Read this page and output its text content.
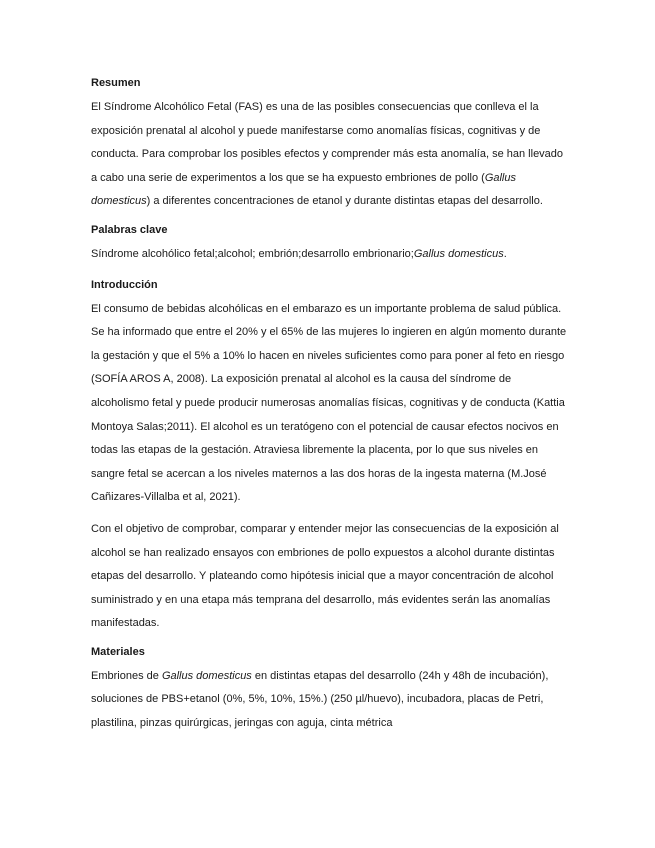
Resumen

El Síndrome Alcohólico Fetal (FAS) es una de las posibles consecuencias que conlleva el la exposición prenatal al alcohol y puede manifestarse como anomalías físicas, cognitivas y de conducta. Para comprobar los posibles efectos y comprender más esta anomalía, se han llevado a cabo una serie de experimentos a los que se ha expuesto embriones de pollo (Gallus domesticus) a diferentes concentraciones de etanol y durante distintas etapas del desarrollo.

Palabras clave

Síndrome alcohólico fetal;alcohol; embrión;desarrollo embrionario;Gallus domesticus.

Introducción

El consumo de bebidas alcohólicas en el embarazo es un importante problema de salud pública. Se ha informado que entre el 20% y el 65% de las mujeres lo ingieren en algún momento durante la gestación y que el 5% a 10% lo hacen en niveles suficientes como para poner al feto en riesgo (SOFÍA AROS A, 2008). La exposición prenatal al alcohol es la causa del síndrome de alcoholismo fetal y puede producir numerosas anomalías físicas, cognitivas y de conducta (Kattia Montoya Salas;2011). El alcohol es un teratógeno con el potencial de causar efectos nocivos en todas las etapas de la gestación. Atraviesa libremente la placenta, por lo que sus niveles en sangre fetal se acercan a los niveles maternos a las dos horas de la ingesta materna (M.José Cañizares-Villalba et al, 2021).

Con el objetivo de comprobar, comparar y entender mejor las consecuencias de la exposición al alcohol se han realizado ensayos con embriones de pollo expuestos a alcohol durante distintas etapas del desarrollo. Y plateando como hipótesis inicial que a mayor concentración de alcohol suministrado y en una etapa más temprana del desarrollo, más evidentes serán las anomalías manifestadas.

Materiales

Embriones de Gallus domesticus en distintas etapas del desarrollo (24h y 48h de incubación), soluciones de PBS+etanol (0%, 5%, 10%, 15%.) (250 µl/huevo), incubadora, placas de Petri, plastilina, pinzas quirúrgicas, jeringas con aguja, cinta métrica
